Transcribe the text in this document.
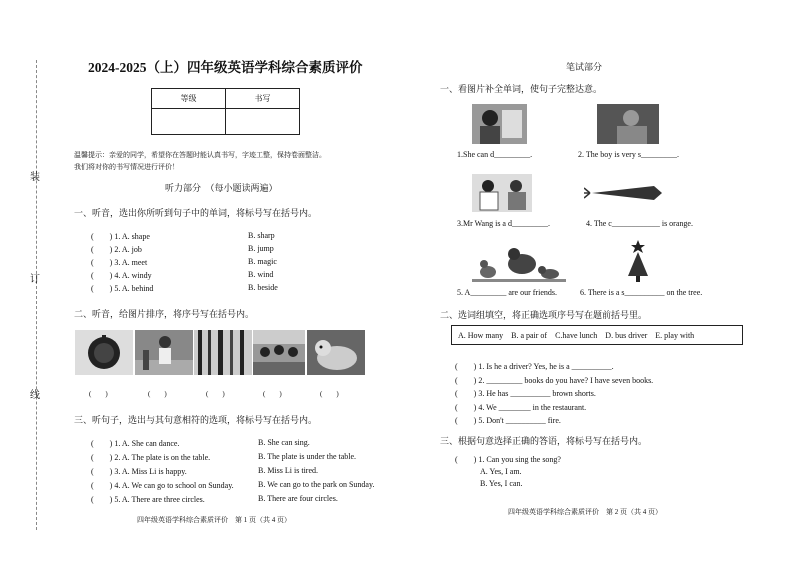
装
订
线
2024-2025（上）四年级英语学科综合素质评价
等级	书写

温馨提示：亲爱的同学，希望你在答题时能认真书写，字迹工整，保持卷面整洁。
我们将对你的书写情况进行评价！
听力部分　（每小题读两遍）
一、听音，选出你所听到句子中的单词，将标号写在括号内。
(　　) 1. A. shape	B. sharp
(　　) 2. A. job	B. jump
(　　) 3. A. meet	B. magic
(　　) 4. A. windy	B. wind
(　　) 5. A. behind	B. beside
二、听音，给图片排序，将序号写在括号内。
(　　)	(　　)	(　　)	(　　)	(　　)
三、听句子，选出与其句意相符的选项，将标号写在括号内。
(　　) 1. A. She can dance.	B. She can sing.
(　　) 2. A. The plate is on the table.	B. The plate is under the table.
(　　) 3. A. Miss Li is happy.	B. Miss Li is tired.
(　　) 4. A. We can go to school on Sunday.	B. We can go to the park on Sunday.
(　　) 5. A. There are three circles.	B. There are four circles.
四年级英语学科综合素质评价　第 1 页（共 4 页）
笔试部分
一、看图片补全单词，使句子完整达意。
1.She can d_________.	2. The boy is very s_________.
3.Mr Wang is a d_________.	4. The c____________ is orange.
5. A_________ are our friends.	6. There is a s__________ on the tree.
二、选词组填空，将正确选项序号写在题前括号里。
A. How many　B. a pair of　C.have lunch　D. bus driver　E. play with
(　　) 1. Is he a driver? Yes, he is a __________.
(　　) 2. _________ books do you have? I have seven books.
(　　) 3. He has __________ brown shorts.
(　　) 4. We ________ in the restaurant.
(　　) 5. Don't __________ fire.
三、根据句意选择正确的答语，将标号写在括号内。
(　　) 1. Can you sing the song?
A. Yes, I am.
B. Yes, I can.
四年级英语学科综合素质评价　第 2 页（共 4 页）
